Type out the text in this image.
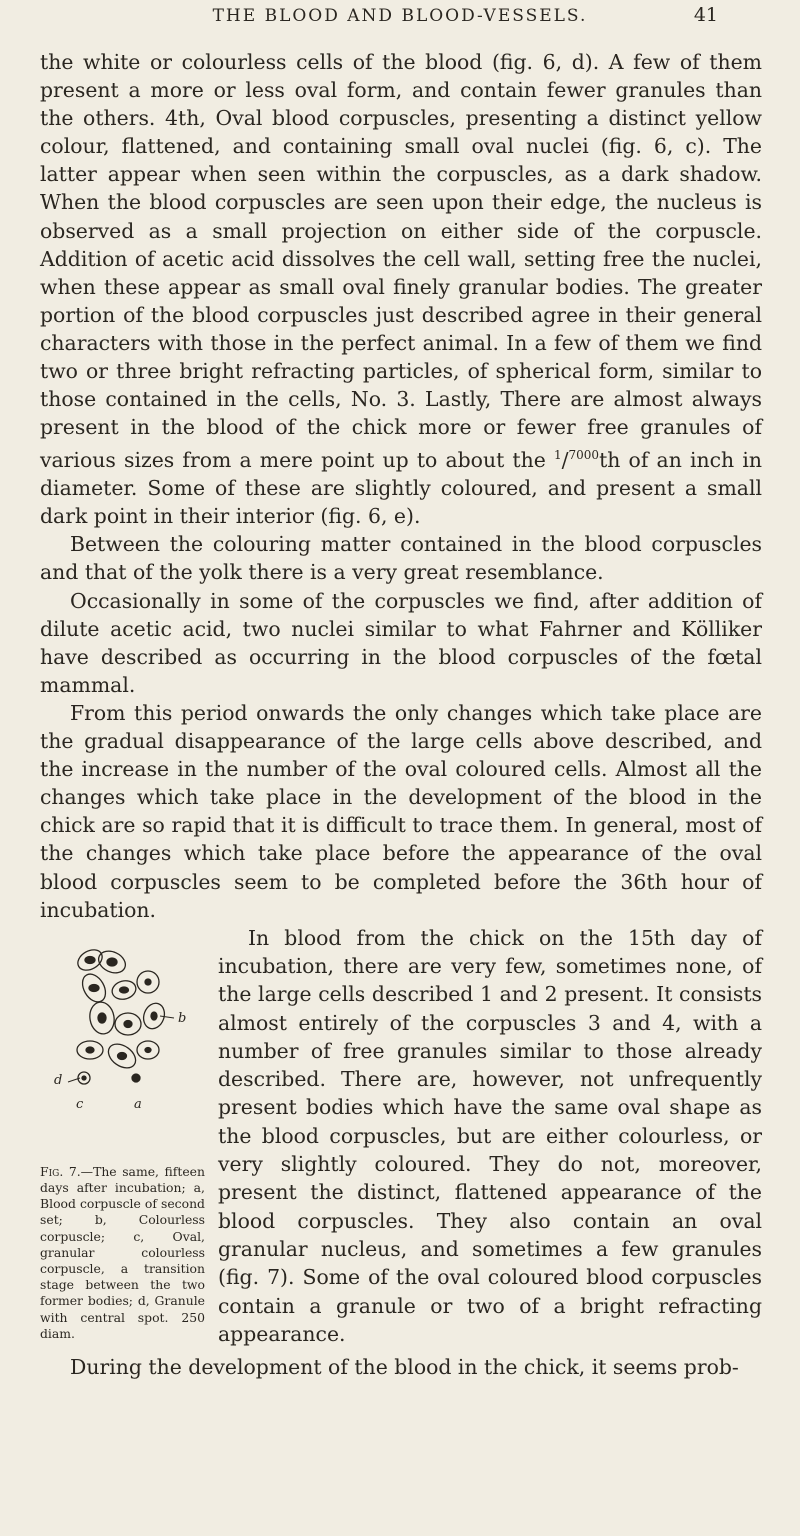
THE BLOOD AND BLOOD-VESSELS.	41

the white or colourless cells of the blood (fig. 6, d). A few of them present a more or less oval form, and contain fewer granules than the others. 4th, Oval blood corpuscles, presenting a distinct yellow colour, flattened, and containing small oval nuclei (fig. 6, c). The latter appear when seen within the corpuscles, as a dark shadow. When the blood corpuscles are seen upon their edge, the nucleus is observed as a small projection on either side of the corpuscle. Addition of acetic acid dissolves the cell wall, setting free the nuclei, when these appear as small oval finely granular bodies. The greater portion of the blood corpuscles just described agree in their general characters with those in the perfect animal. In a few of them we find two or three bright refracting particles, of spherical form, similar to those contained in the cells, No. 3. Lastly, There are almost always present in the blood of the chick more or fewer free granules of various sizes from a mere point up to about the $^1$/$^{7000}$th of an inch in diameter. Some of these are slightly coloured, and present a small dark point in their interior (fig. 6, e).

Between the colouring matter contained in the blood corpuscles and that of the yolk there is a very great resemblance.

Occasionally in some of the corpuscles we find, after addition of dilute acetic acid, two nuclei similar to what Fahrner and Kölliker have described as occurring in the blood corpuscles of the fœtal mammal.

From this period onwards the only changes which take place are the gradual disappearance of the large cells above described, and the increase in the number of the oval coloured cells. Almost all the changes which take place in the development of the blood in the chick are so rapid that it is difficult to trace them. In general, most of the changes which take place before the appearance of the oval blood corpuscles seem to be completed before the 36th hour of incubation.

b
d
c	a
Fig. 7.—The same, fifteen days after incubation; a, Blood corpuscle of second set; b, Colourless corpuscle; c, Oval, granular colourless corpuscle, a transition stage between the two former bodies; d, Granule with central spot. 250 diam.

In blood from the chick on the 15th day of incubation, there are very few, sometimes none, of the large cells described 1 and 2 present. It consists almost entirely of the corpuscles 3 and 4, with a number of free granules similar to those already described. There are, however, not unfrequently present bodies which have the same oval shape as the blood corpuscles, but are either colourless, or very slightly coloured. They do not, moreover, present the distinct, flattened appearance of the blood corpuscles. They also contain an oval granular nucleus, and sometimes a few granules (fig. 7). Some of the oval coloured blood corpuscles contain a granule or two of a bright refracting appearance.

During the development of the blood in the chick, it seems prob-
